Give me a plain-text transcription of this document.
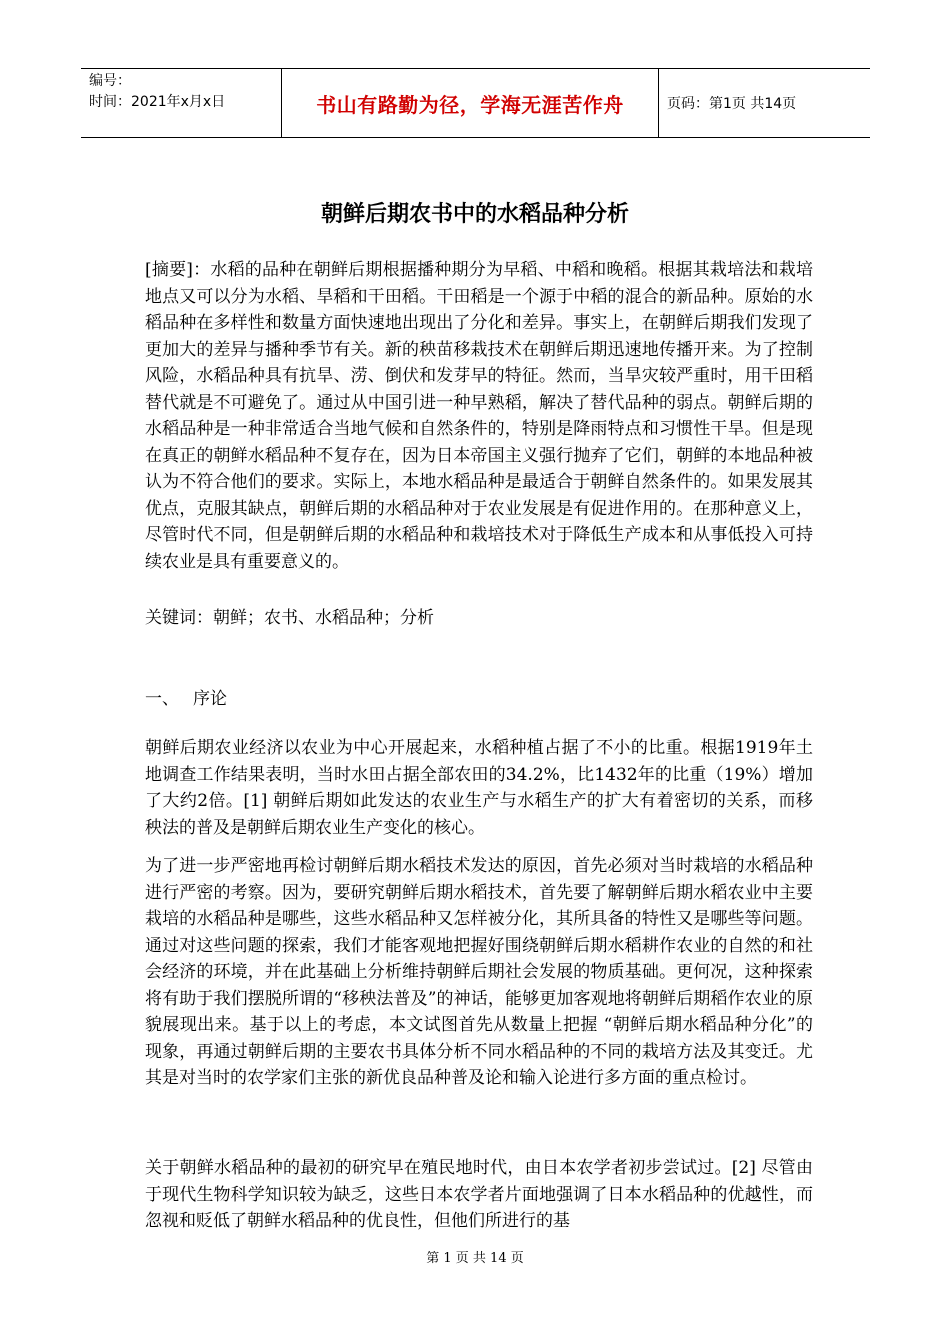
编号：
时间：2021年x月x日	书山有路勤为径，学海无涯苦作舟	页码：第1页 共14页
朝鲜后期农书中的水稻品种分析
[摘要]：水稻的品种在朝鲜后期根据播种期分为早稻、中稻和晚稻。根据其栽培法和栽培地点又可以分为水稻、旱稻和干田稻。干田稻是一个源于中稻的混合的新品种。原始的水稻品种在多样性和数量方面快速地出现出了分化和差异。事实上，在朝鲜后期我们发现了更加大的差异与播种季节有关。新的秧苗移栽技术在朝鲜后期迅速地传播开来。为了控制风险，水稻品种具有抗旱、涝、倒伏和发芽早的特征。然而，当旱灾较严重时，用干田稻替代就是不可避免了。通过从中国引进一种早熟稻，解决了替代品种的弱点。朝鲜后期的水稻品种是一种非常适合当地气候和自然条件的，特别是降雨特点和习惯性干旱。但是现在真正的朝鲜水稻品种不复存在，因为日本帝国主义强行抛弃了它们，朝鲜的本地品种被认为不符合他们的要求。实际上，本地水稻品种是最适合于朝鲜自然条件的。如果发展其优点，克服其缺点，朝鲜后期的水稻品种对于农业发展是有促进作用的。在那种意义上，尽管时代不同，但是朝鲜后期的水稻品种和栽培技术对于降低生产成本和从事低投入可持续农业是具有重要意义的。
关键词：朝鲜；农书、水稻品种；分析
一、 序论
朝鲜后期农业经济以农业为中心开展起来，水稻种植占据了不小的比重。根据1919年土地调查工作结果表明，当时水田占据全部农田的34.2%，比1432年的比重（19%）增加了大约2倍。[1] 朝鲜后期如此发达的农业生产与水稻生产的扩大有着密切的关系，而移秧法的普及是朝鲜后期农业生产变化的核心。
为了进一步严密地再检讨朝鲜后期水稻技术发达的原因，首先必须对当时栽培的水稻品种进行严密的考察。因为，要研究朝鲜后期水稻技术，首先要了解朝鲜后期水稻农业中主要栽培的水稻品种是哪些，这些水稻品种又怎样被分化，其所具备的特性又是哪些等问题。通过对这些问题的探索，我们才能客观地把握好围绕朝鲜后期水稻耕作农业的自然的和社会经济的环境，并在此基础上分析维持朝鲜后期社会发展的物质基础。更何况，这种探索将有助于我们摆脱所谓的“移秧法普及”的神话，能够更加客观地将朝鲜后期稻作农业的原貌展现出来。基于以上的考虑，本文试图首先从数量上把握 “朝鲜后期水稻品种分化”的现象，再通过朝鲜后期的主要农书具体分析不同水稻品种的不同的栽培方法及其变迁。尤其是对当时的农学家们主张的新优良品种普及论和输入论进行多方面的重点检讨。
关于朝鲜水稻品种的最初的研究早在殖民地时代，由日本农学者初步尝试过。[2] 尽管由于现代生物科学知识较为缺乏，这些日本农学者片面地强调了日本水稻品种的优越性，而忽视和贬低了朝鲜水稻品种的优良性，但他们所进行的基
第 1 页 共 14 页
